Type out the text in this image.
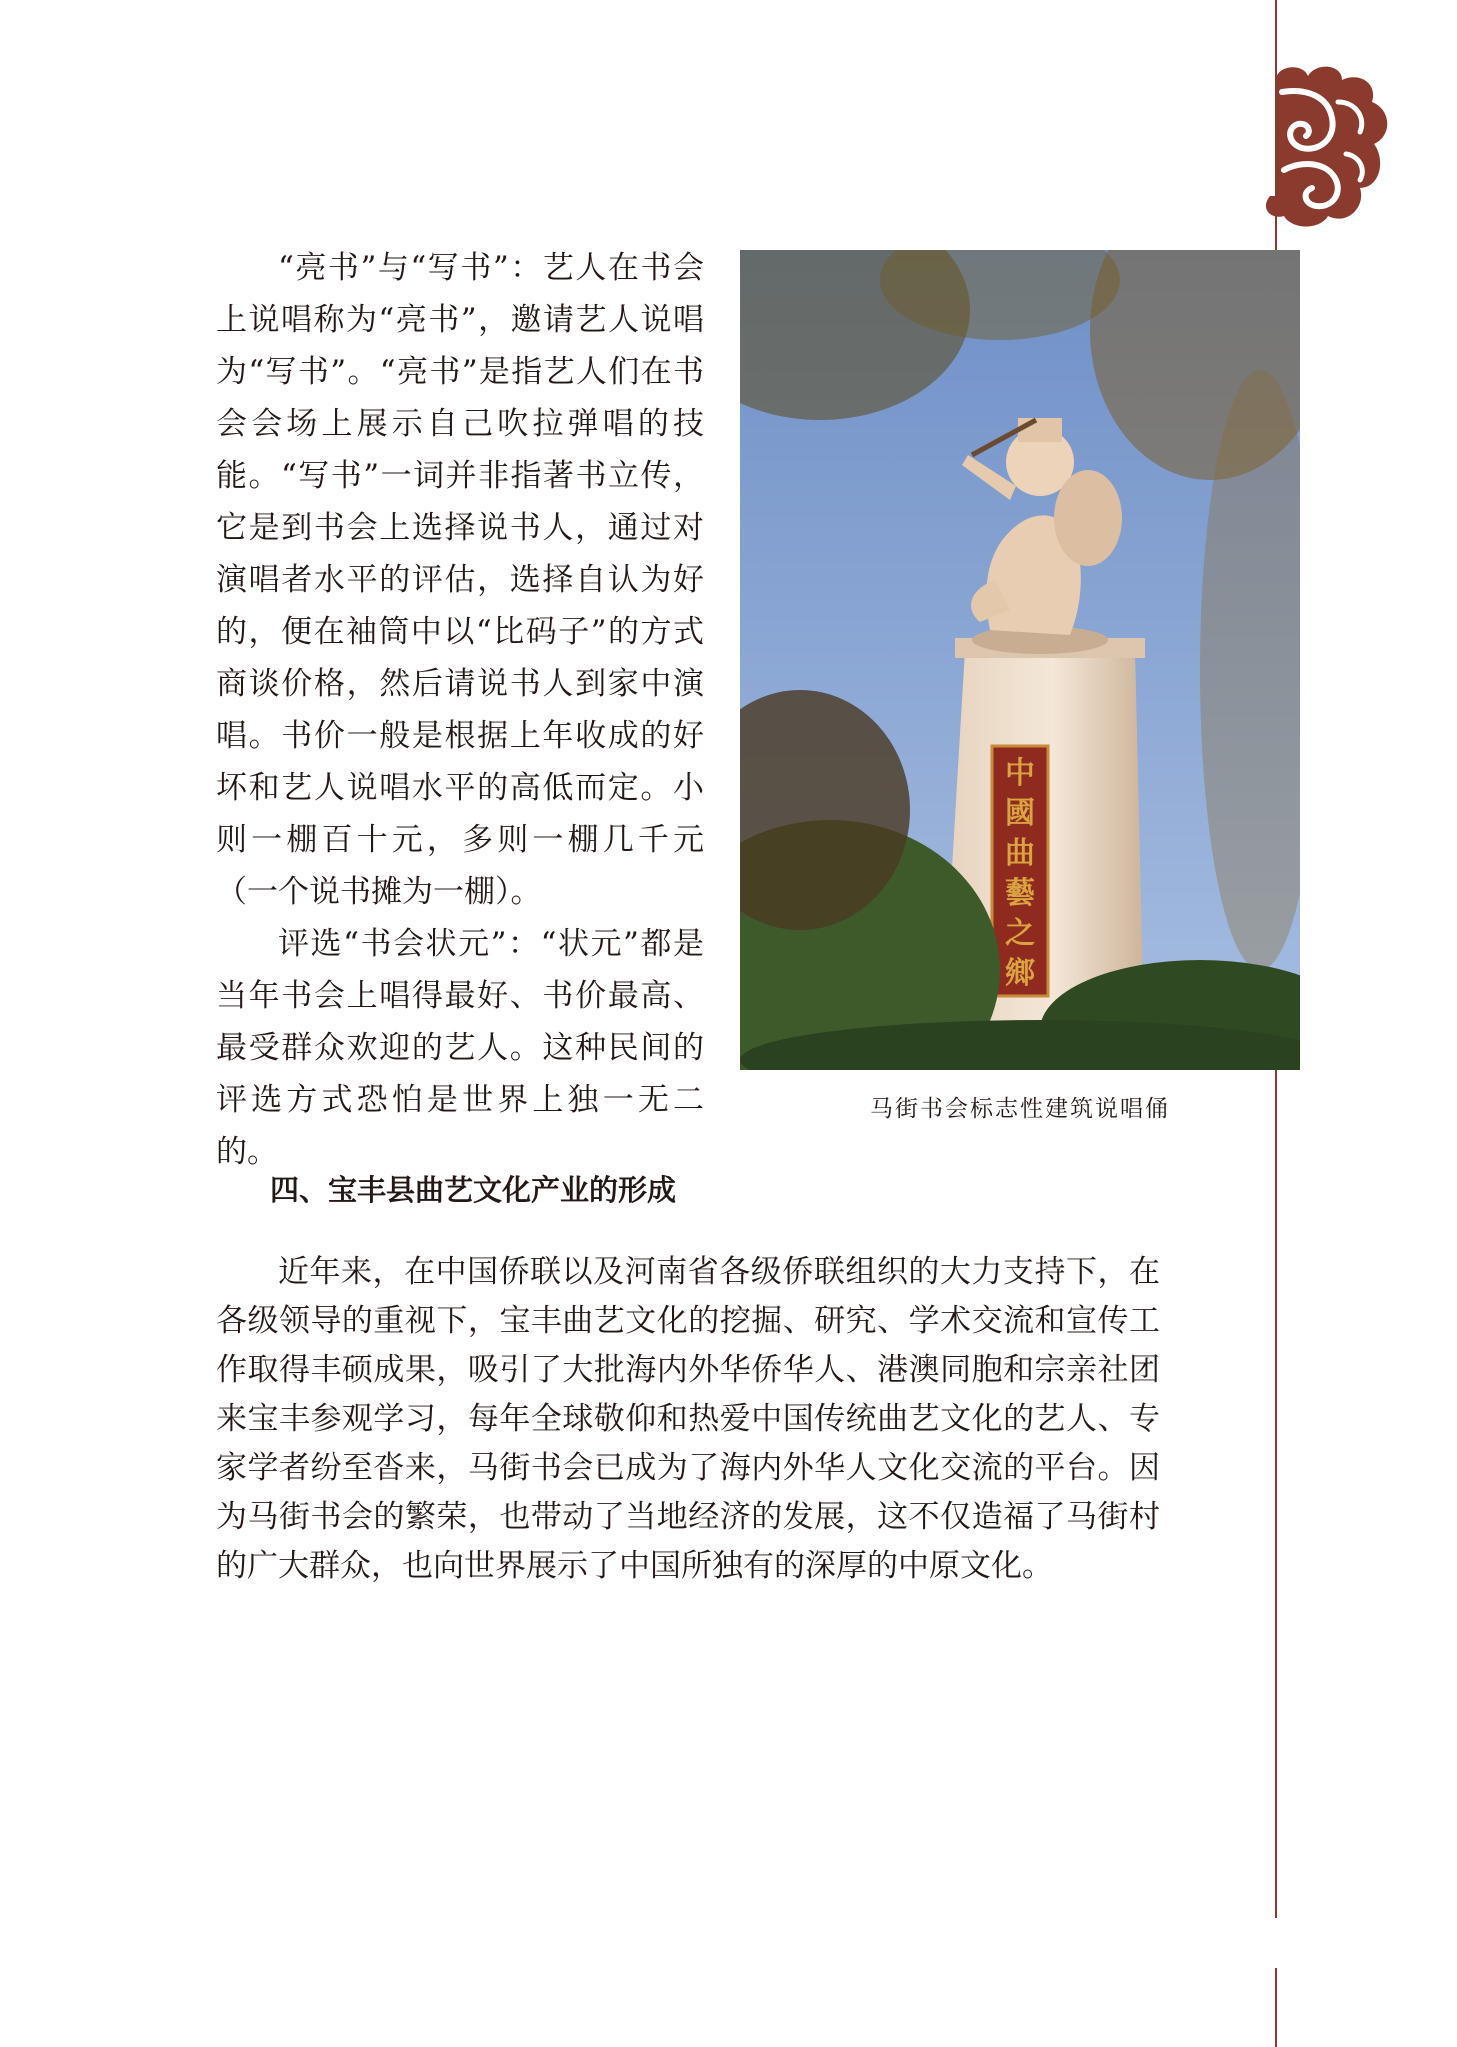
“亮书”与“写书”：艺人在书会上说唱称为“亮书”，邀请艺人说唱为“写书”。“亮书”是指艺人们在书会会场上展示自己吹拉弹唱的技能。“写书”一词并非指著书立传，它是到书会上选择说书人，通过对演唱者水平的评估，选择自认为好的，便在袖筒中以“比码子”的方式商谈价格，然后请说书人到家中演唱。书价一般是根据上年收成的好坏和艺人说唱水平的高低而定。小则一棚百十元，多则一棚几千元（一个说书摊为一棚）。

评选“书会状元”：“状元”都是当年书会上唱得最好、书价最高、最受群众欢迎的艺人。这种民间的评选方式恐怕是世界上独一无二的。

中
國
曲
藝
之
鄉
马街书会标志性建筑说唱俑
四、宝丰县曲艺文化产业的形成

近年来，在中国侨联以及河南省各级侨联组织的大力支持下，在各级领导的重视下，宝丰曲艺文化的挖掘、研究、学术交流和宣传工作取得丰硕成果，吸引了大批海内外华侨华人、港澳同胞和宗亲社团来宝丰参观学习，每年全球敬仰和热爱中国传统曲艺文化的艺人、专家学者纷至沓来，马街书会已成为了海内外华人文化交流的平台。因为马街书会的繁荣，也带动了当地经济的发展，这不仅造福了马街村的广大群众，也向世界展示了中国所独有的深厚的中原文化。
